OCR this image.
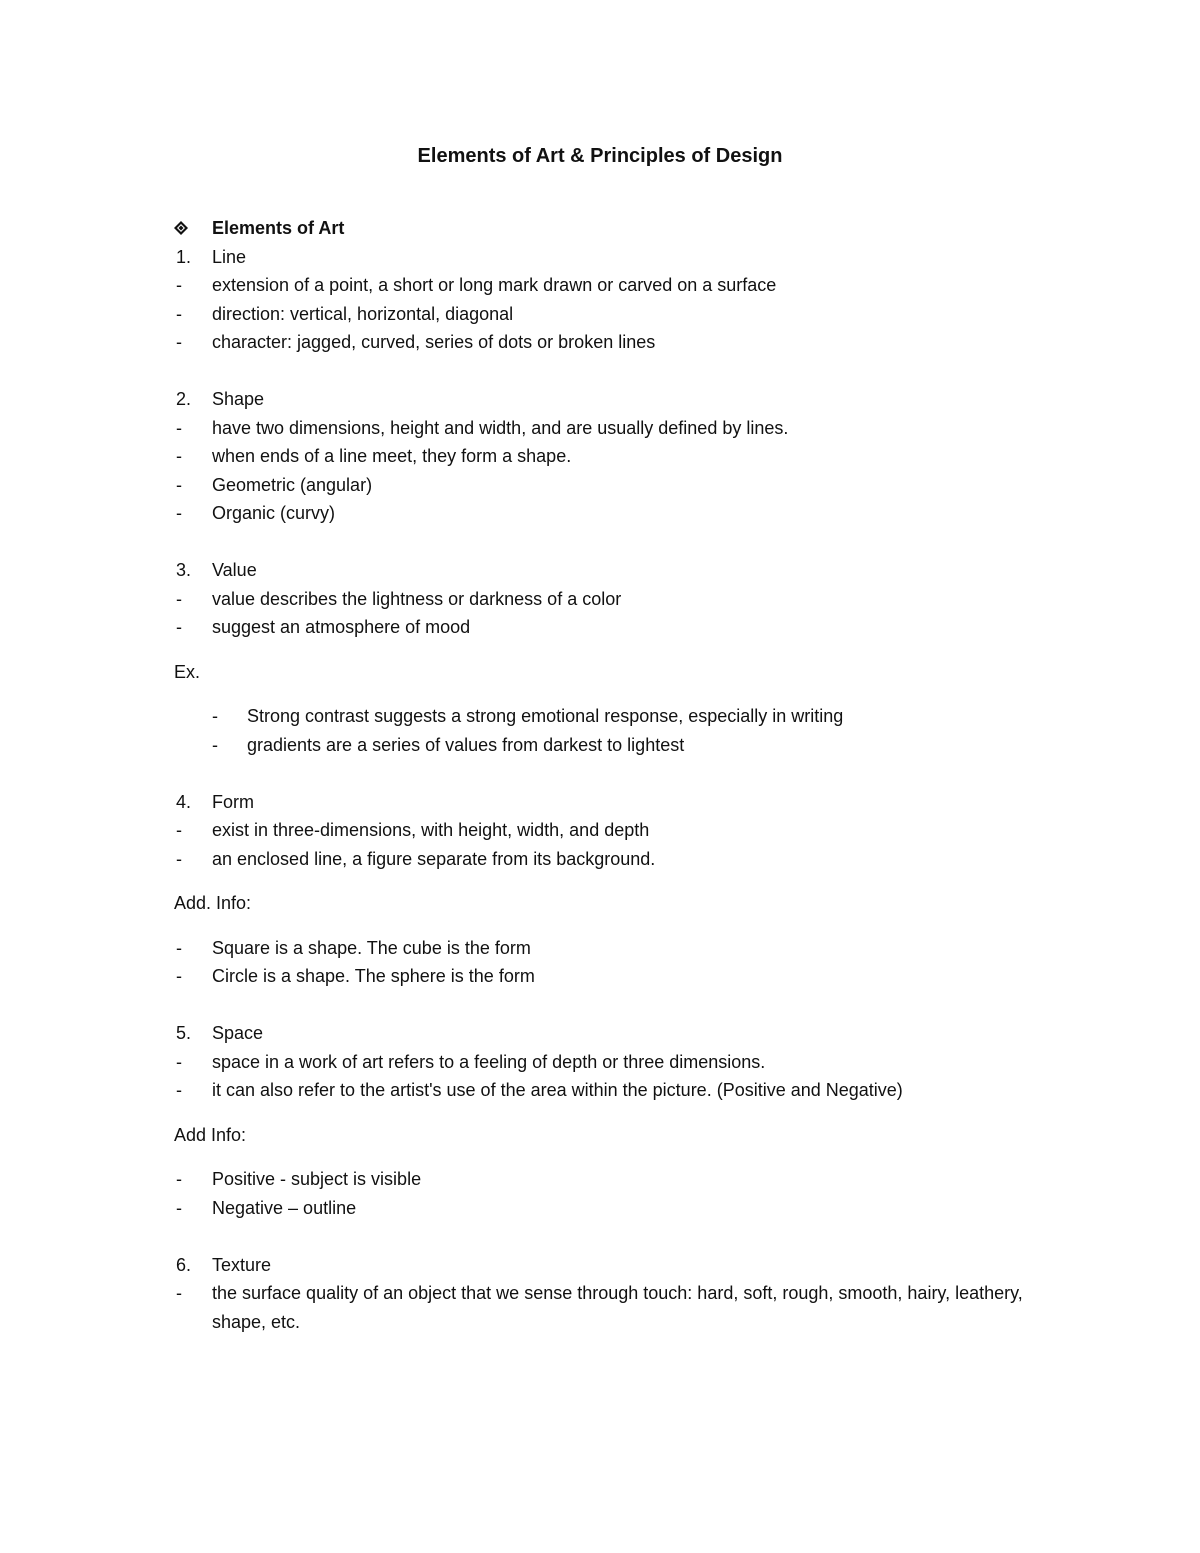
Elements of Art & Principles of Design
Elements of Art
1. Line
- extension of a point, a short or long mark drawn or carved on a surface
- direction: vertical, horizontal, diagonal
- character: jagged, curved, series of dots or broken lines
2. Shape
- have two dimensions, height and width, and are usually defined by lines.
- when ends of a line meet, they form a shape.
- Geometric (angular)
- Organic (curvy)
3. Value
- value describes the lightness or darkness of a color
- suggest an atmosphere of mood
Ex.
- Strong contrast suggests a strong emotional response, especially in writing
- gradients are a series of values from darkest to lightest
4. Form
- exist in three-dimensions, with height, width, and depth
- an enclosed line, a figure separate from its background.
Add. Info:
- Square is a shape. The cube is the form
- Circle is a shape. The sphere is the form
5. Space
- space in a work of art refers to a feeling of depth or three dimensions.
- it can also refer to the artist's use of the area within the picture. (Positive and Negative)
Add Info:
- Positive - subject is visible
- Negative – outline
6. Texture
- the surface quality of an object that we sense through touch: hard, soft, rough, smooth, hairy, leathery, shape, etc.
